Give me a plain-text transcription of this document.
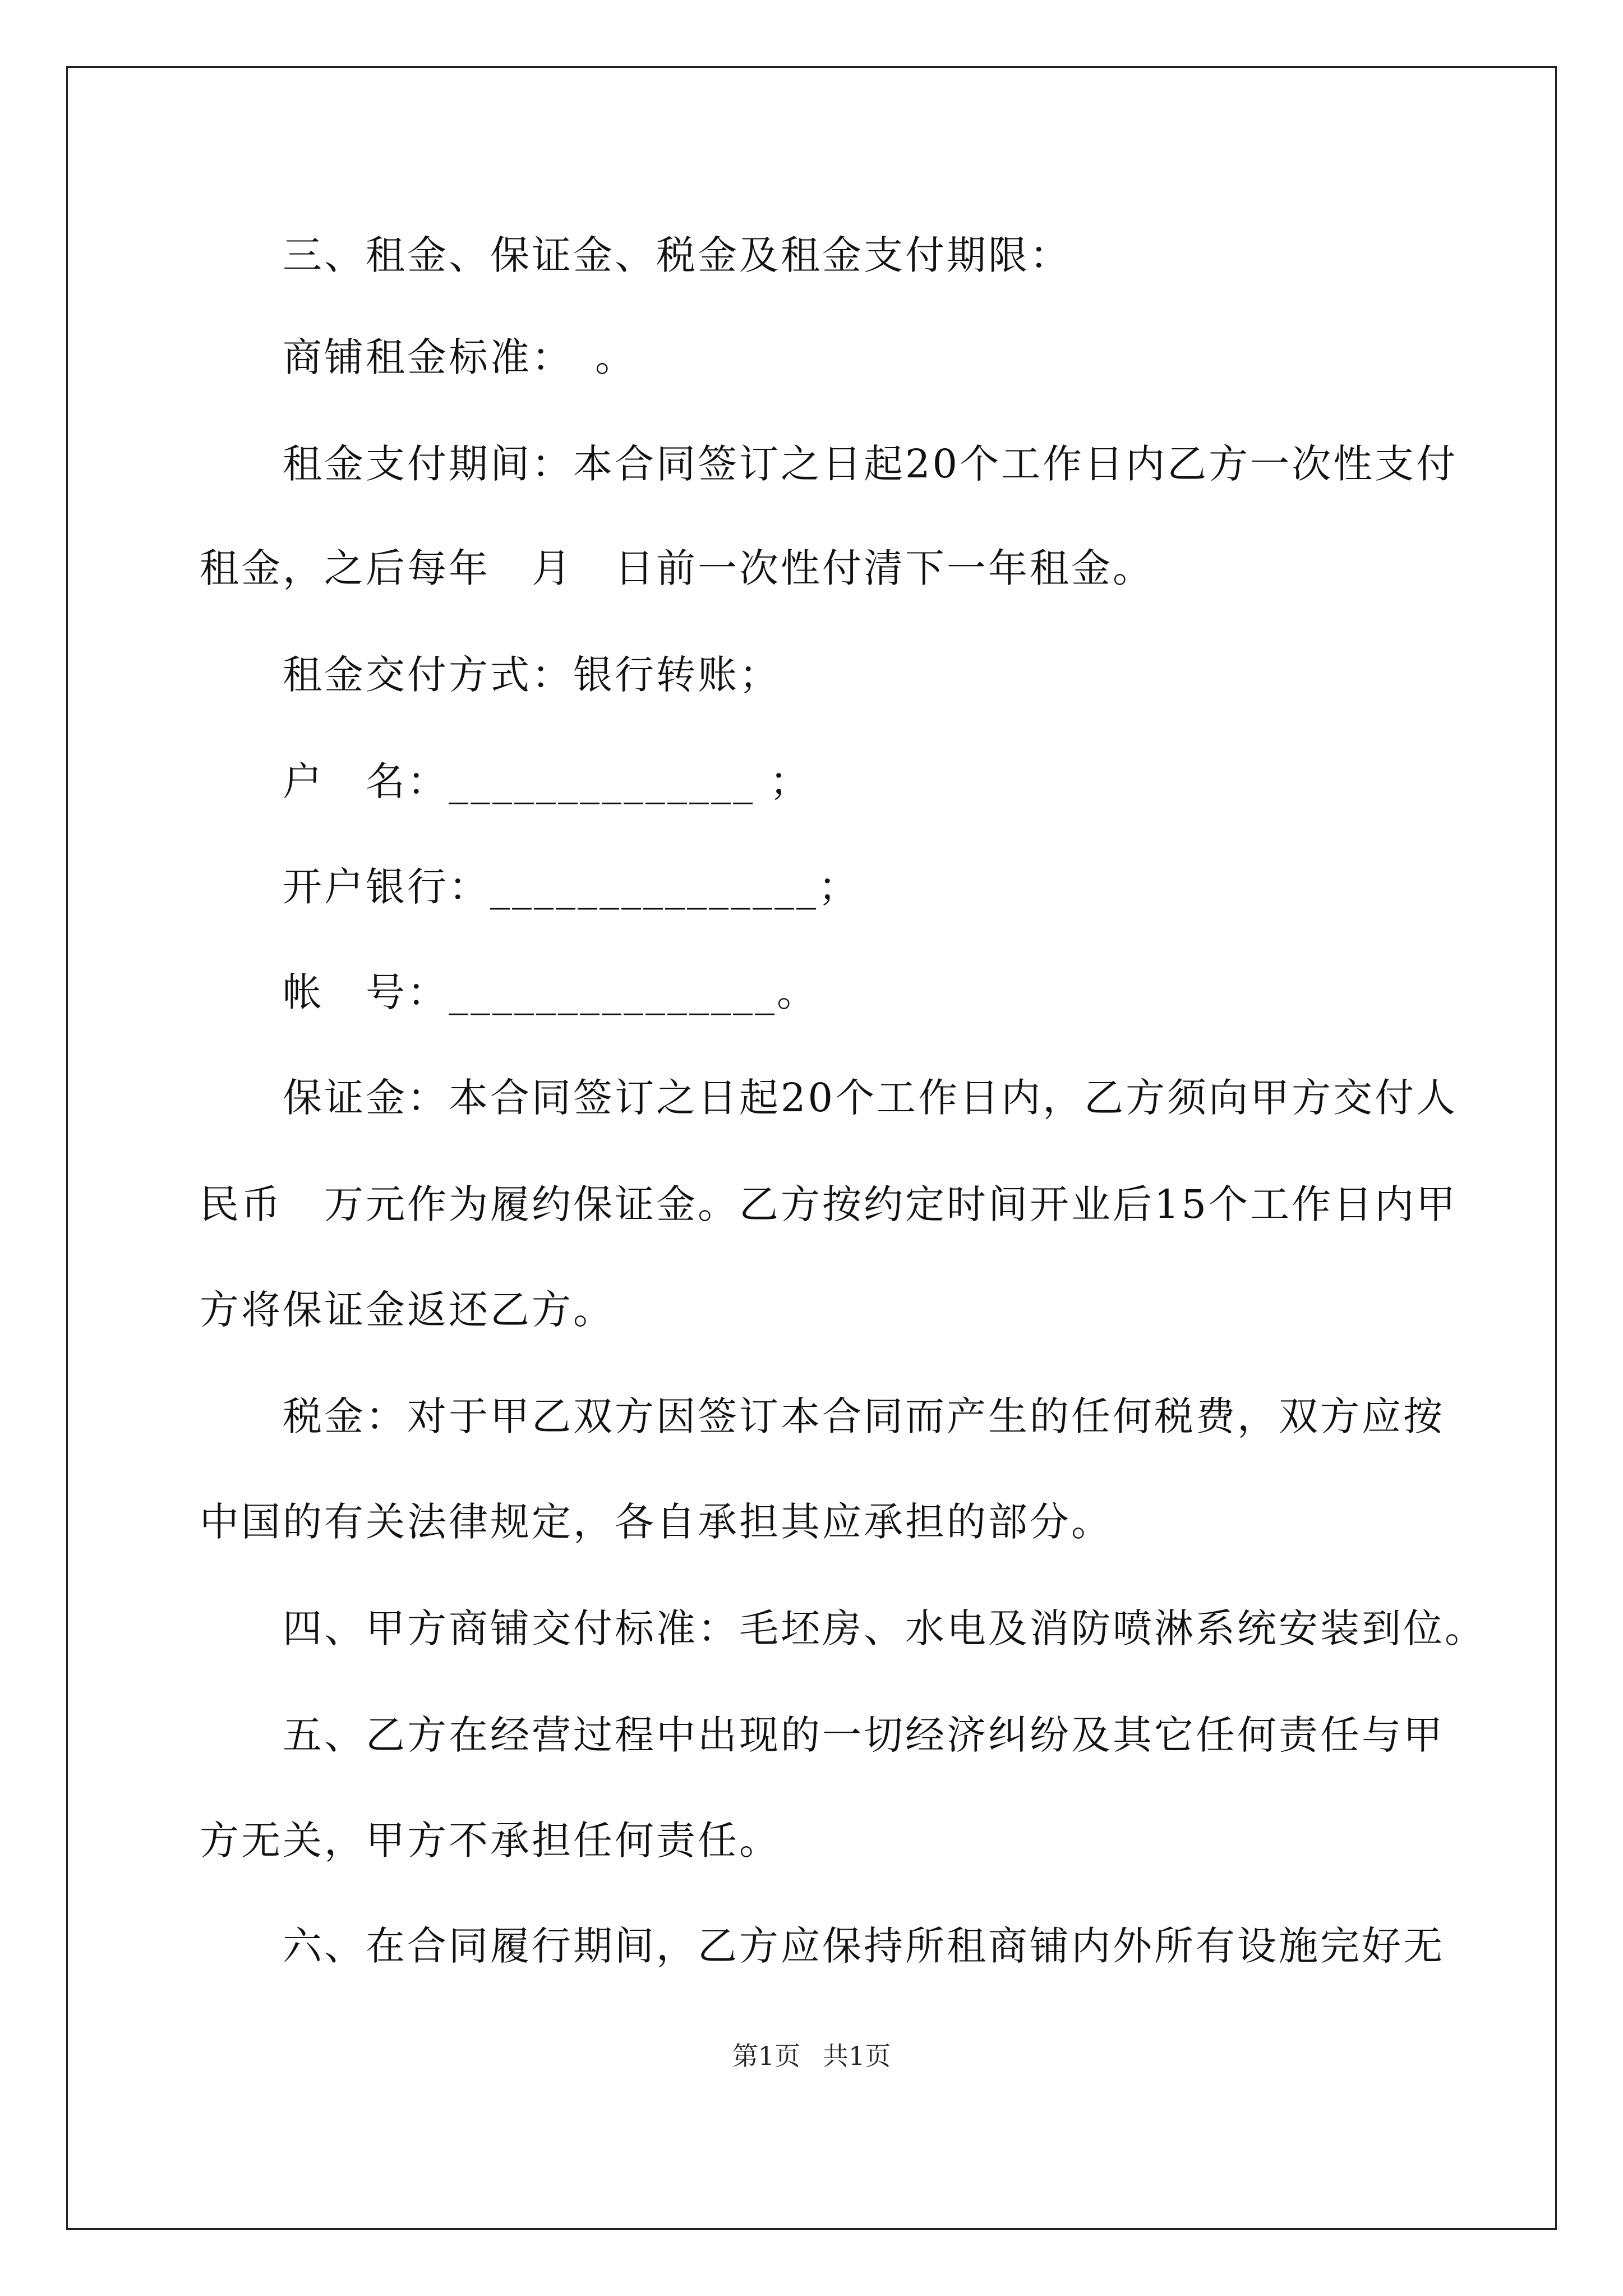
三、租金、保证金、税金及租金支付期限：
商铺租金标准：　。
租金支付期间：本合同签订之日起20个工作日内乙方一次性支付
租金，之后每年　月　日前一次性付清下一年租金。
租金交付方式：银行转账；
户　名：______________ ；
开户银行：_______________；
帐　号：_______________。
保证金：本合同签订之日起20个工作日内，乙方须向甲方交付人
民币　万元作为履约保证金。乙方按约定时间开业后15个工作日内甲
方将保证金返还乙方。
税金：对于甲乙双方因签订本合同而产生的任何税费，双方应按
中国的有关法律规定，各自承担其应承担的部分。
四、甲方商铺交付标准：毛坯房、水电及消防喷淋系统安装到位。
五、乙方在经营过程中出现的一切经济纠纷及其它任何责任与甲
方无关，甲方不承担任何责任。
六、在合同履行期间，乙方应保持所租商铺内外所有设施完好无
第1页 共1页
